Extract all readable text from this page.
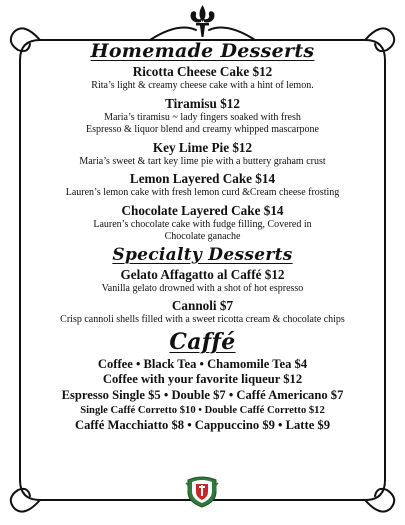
Homemade Desserts
Ricotta Cheese Cake $12
Rita’s light & creamy cheese cake with a hint of lemon.
Tiramisu $12
Maria’s tiramisu ~ lady fingers soaked with fresh
Espresso & liquor blend and creamy whipped mascarpone
Key Lime Pie $12
Maria’s sweet & tart key lime pie with a buttery graham crust
Lemon Layered Cake $14
Lauren’s lemon cake with fresh lemon curd &Cream cheese frosting
Chocolate Layered Cake $14
Lauren’s chocolate cake with fudge filling, Covered in
Chocolate ganache
Specialty Desserts
Gelato Affagatto al Caffé $12
Vanilla gelato drowned with a shot of hot espresso
Cannoli $7
Crisp cannoli shells filled with a sweet ricotta cream & chocolate chips
Caffé
Coffee • Black Tea • Chamomile Tea $4
Coffee with your favorite liqueur $12
Espresso Single $5 • Double $7 • Caffé Americano $7
Single Caffé Corretto $10 • Double Caffé Corretto $12
Caffé Macchiatto $8 • Cappuccino $9 • Latte $9
